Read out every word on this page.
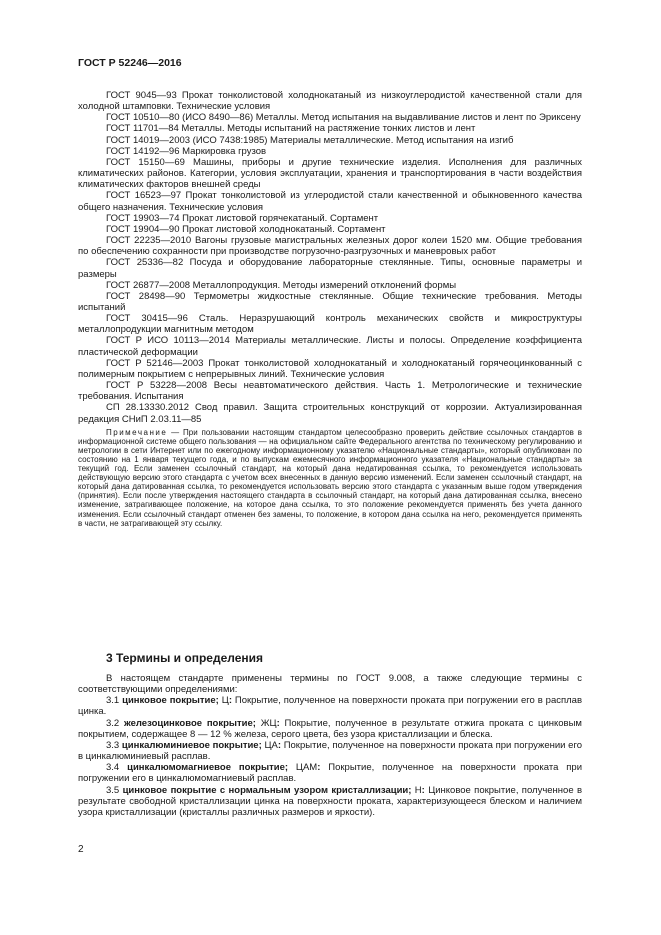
ГОСТ Р 52246—2016

ГОСТ 9045—93 Прокат тонколистовой холоднокатаный из низкоуглеродистой качественной стали для холодной штамповки. Технические условия

ГОСТ 10510—80 (ИСО 8490—86) Металлы. Метод испытания на выдавливание листов и лент по Эриксену

ГОСТ 11701—84 Металлы. Методы испытаний на растяжение тонких листов и лент

ГОСТ 14019—2003 (ИСО 7438:1985) Материалы металлические. Метод испытания на изгиб

ГОСТ 14192—96 Маркировка грузов

ГОСТ 15150—69 Машины, приборы и другие технические изделия. Исполнения для различных климатических районов. Категории, условия эксплуатации, хранения и транспортирования в части воздействия климатических факторов внешней среды

ГОСТ 16523—97 Прокат тонколистовой из углеродистой стали качественной и обыкновенного качества общего назначения. Технические условия

ГОСТ 19903—74 Прокат листовой горячекатаный. Сортамент

ГОСТ 19904—90 Прокат листовой холоднокатаный. Сортамент

ГОСТ 22235—2010 Вагоны грузовые магистральных железных дорог колеи 1520 мм. Общие требования по обеспечению сохранности при производстве погрузочно-разгрузочных и маневровых работ

ГОСТ 25336—82 Посуда и оборудование лабораторные стеклянные. Типы, основные параметры и размеры

ГОСТ 26877—2008 Металлопродукция. Методы измерений отклонений формы

ГОСТ 28498—90 Термометры жидкостные стеклянные. Общие технические требования. Методы испытаний

ГОСТ 30415—96 Сталь. Неразрушающий контроль механических свойств и микроструктуры металлопродукции магнитным методом

ГОСТ Р ИСО 10113—2014 Материалы металлические. Листы и полосы. Определение коэффициента пластической деформации

ГОСТ Р 52146—2003 Прокат тонколистовой холоднокатаный и холоднокатаный горячеоцинкованный с полимерным покрытием с непрерывных линий. Технические условия

ГОСТ Р 53228—2008 Весы неавтоматического действия. Часть 1. Метрологические и технические требования. Испытания

СП 28.13330.2012 Свод правил. Защита строительных конструкций от коррозии. Актуализированная редакция СНиП 2.03.11—85

Примечание — При пользовании настоящим стандартом целесообразно проверить действие ссылочных стандартов в информационной системе общего пользования — на официальном сайте Федерального агентства по техническому регулированию и метрологии в сети Интернет или по ежегодному информационному указателю «Национальные стандарты», который опубликован по состоянию на 1 января текущего года, и по выпускам ежемесячного информационного указателя «Национальные стандарты» за текущий год. Если заменен ссылочный стандарт, на который дана недатированная ссылка, то рекомендуется использовать действующую версию этого стандарта с учетом всех внесенных в данную версию изменений. Если заменен ссылочный стандарт, на который дана датированная ссылка, то рекомендуется использовать версию этого стандарта с указанным выше годом утверждения (принятия). Если после утверждения настоящего стандарта в ссылочный стандарт, на который дана датированная ссылка, внесено изменение, затрагивающее положение, на которое дана ссылка, то это положение рекомендуется применять без учета данного изменения. Если ссылочный стандарт отменен без замены, то положение, в котором дана ссылка на него, рекомендуется применять в части, не затрагивающей эту ссылку.

3 Термины и определения

В настоящем стандарте применены термины по ГОСТ 9.008, а также следующие термины с соответствующими определениями:

3.1 цинковое покрытие; Ц: Покрытие, полученное на поверхности проката при погружении его в расплав цинка.

3.2 железоцинковое покрытие; ЖЦ: Покрытие, полученное в результате отжига проката с цинковым покрытием, содержащее 8 — 12 % железа, серого цвета, без узора кристаллизации и блеска.

3.3 цинкалюминиевое покрытие; ЦА: Покрытие, полученное на поверхности проката при погружении его в цинкалюминиевый расплав.

3.4 цинкалюмомагниевое покрытие; ЦАМ: Покрытие, полученное на поверхности проката при погружении его в цинкалюмомагниевый расплав.

3.5 цинковое покрытие с нормальным узором кристаллизации; Н: Цинковое покрытие, полученное в результате свободной кристаллизации цинка на поверхности проката, характеризующееся блеском и наличием узора кристаллизации (кристаллы различных размеров и яркости).

2
